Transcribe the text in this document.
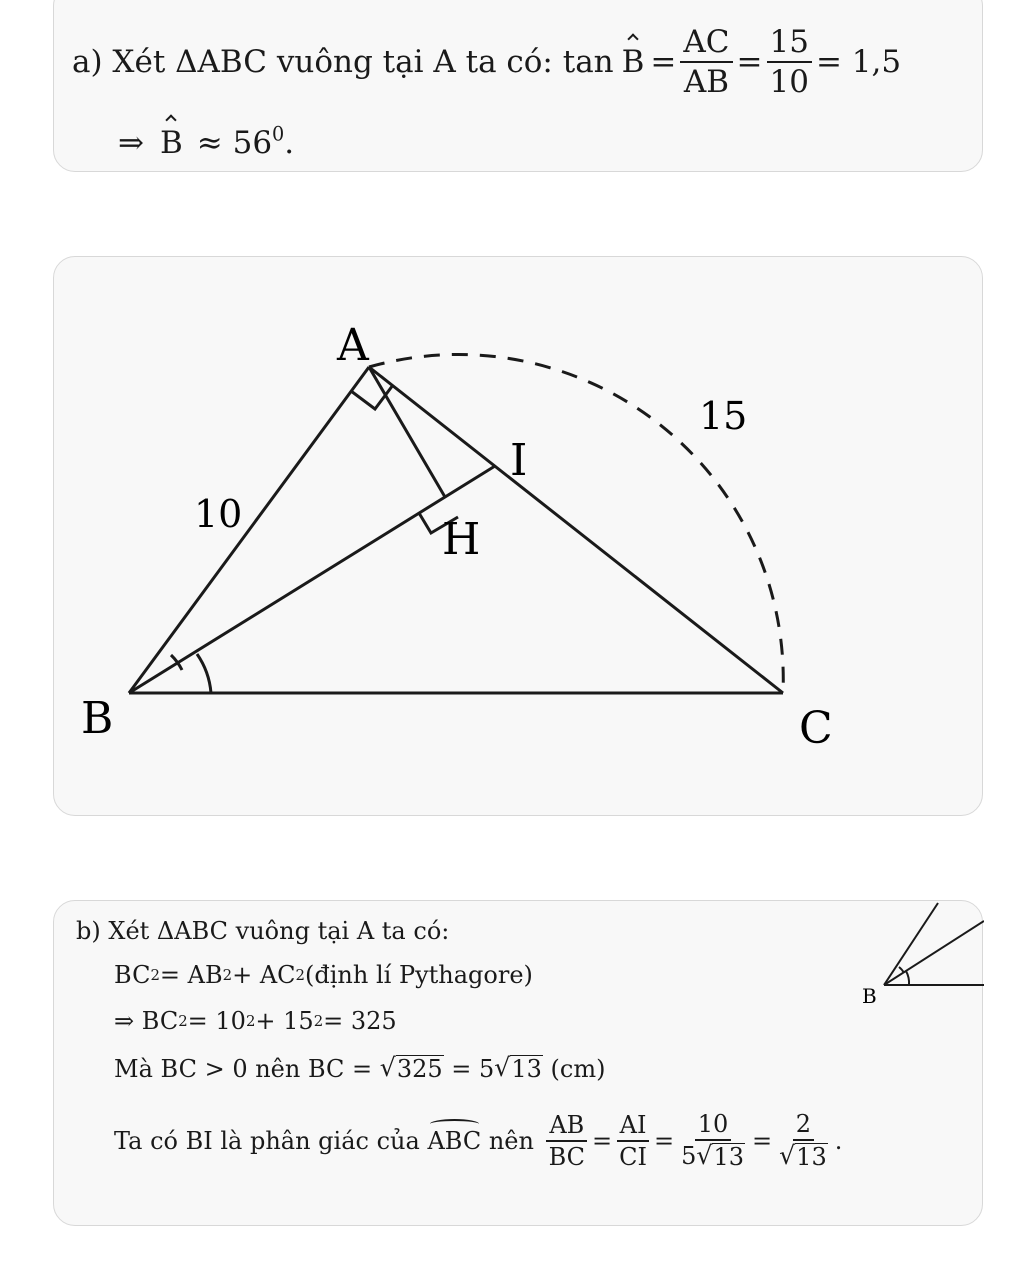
a) Xét ΔABC vuông tại A ta có: $\tan B = \frac{AC}{AB} = \frac{15}{10} = 1,5$
⇒ $B \approx 56^0$.
A
B	C
H
I
10
15
b) Xét ΔABC vuông tại A ta có:
BC 2 = AB 2 + AC 2 (định lí Pythagore)
⇒ BC 2 = 10 2 + 15 2 = 325
Mà BC > 0 nên BC = √ 325 = 5 √ 13 (cm)
Ta có BI là phân giác của ABC nên $\frac{AB}{BC} = \frac{AI}{CI} = \frac{10}{5 √ 13} = \frac{2}{√ 13}$ .
B
